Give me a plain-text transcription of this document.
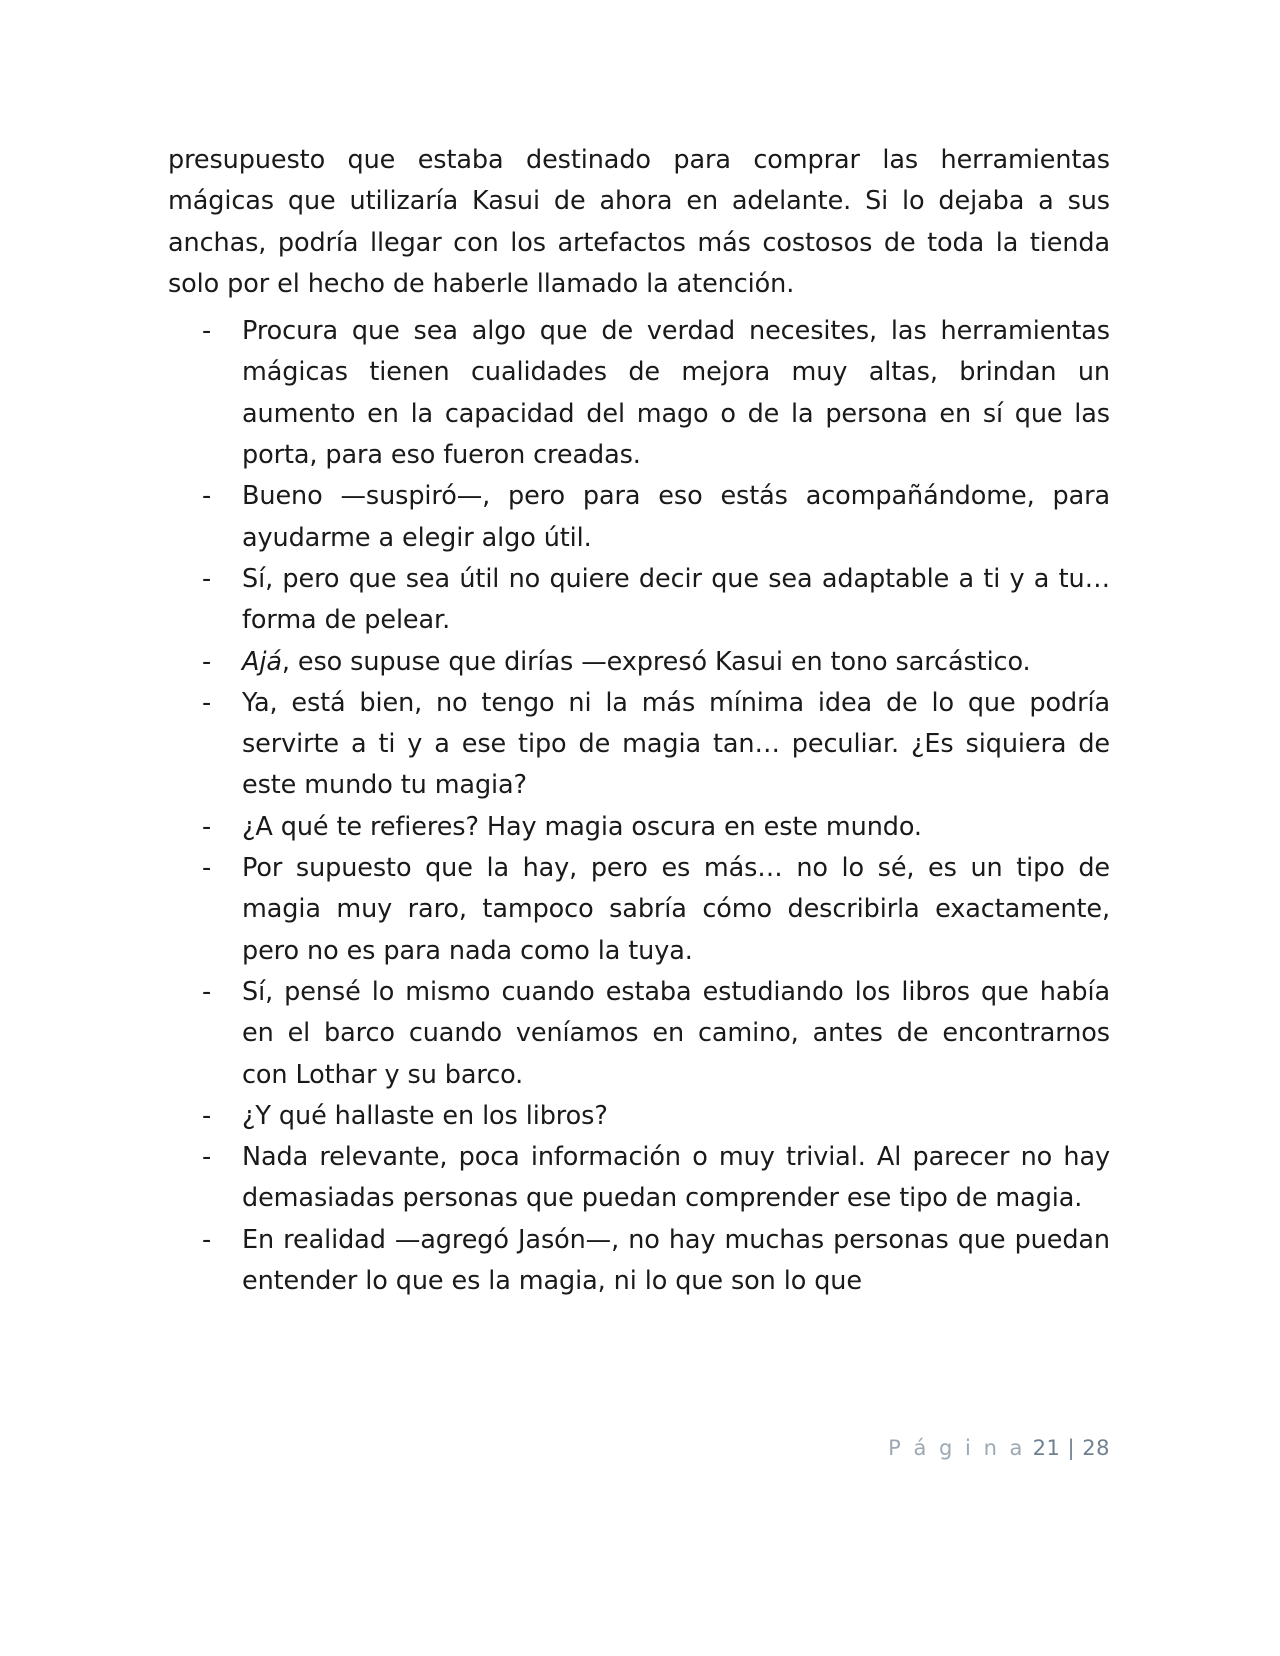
presupuesto que estaba destinado para comprar las herramientas mágicas que utilizaría Kasui de ahora en adelante. Si lo dejaba a sus anchas, podría llegar con los artefactos más costosos de toda la tienda solo por el hecho de haberle llamado la atención.

- Procura que sea algo que de verdad necesites, las herramientas mágicas tienen cualidades de mejora muy altas, brindan un aumento en la capacidad del mago o de la persona en sí que las porta, para eso fueron creadas.
- Bueno —suspiró—, pero para eso estás acompañándome, para ayudarme a elegir algo útil.
- Sí, pero que sea útil no quiere decir que sea adaptable a ti y a tu… forma de pelear.
- Ajá, eso supuse que dirías —expresó Kasui en tono sarcástico.
- Ya, está bien, no tengo ni la más mínima idea de lo que podría servirte a ti y a ese tipo de magia tan… peculiar. ¿Es siquiera de este mundo tu magia?
- ¿A qué te refieres? Hay magia oscura en este mundo.
- Por supuesto que la hay, pero es más… no lo sé, es un tipo de magia muy raro, tampoco sabría cómo describirla exactamente, pero no es para nada como la tuya.
- Sí, pensé lo mismo cuando estaba estudiando los libros que había en el barco cuando veníamos en camino, antes de encontrarnos con Lothar y su barco.
- ¿Y qué hallaste en los libros?
- Nada relevante, poca información o muy trivial. Al parecer no hay demasiadas personas que puedan comprender ese tipo de magia.
- En realidad —agregó Jasón—, no hay muchas personas que puedan entender lo que es la magia, ni lo que son lo que
P á g i n a 21 | 28
